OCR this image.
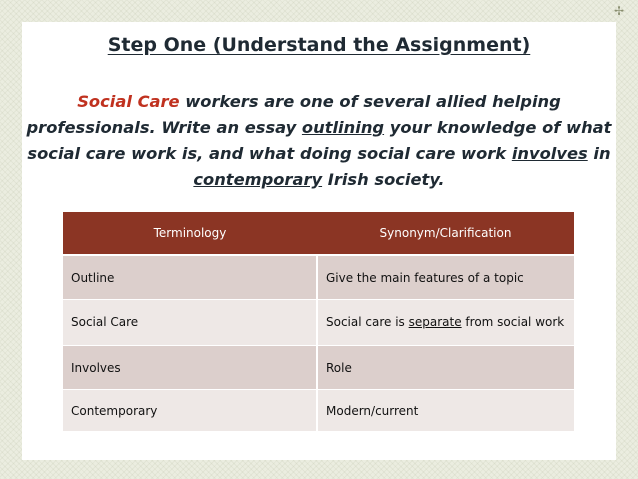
✢
Step One (Understand the Assignment)
Social Care workers are one of several allied helping
professionals. Write an essay outlining your knowledge of what
social care work is, and what doing social care work involves in
contemporary Irish society.
Terminology	Synonym/Clarification
Outline	Give the main features of a topic
Social Care	Social care is separate from social work
Involves	Role
Contemporary	Modern/current
